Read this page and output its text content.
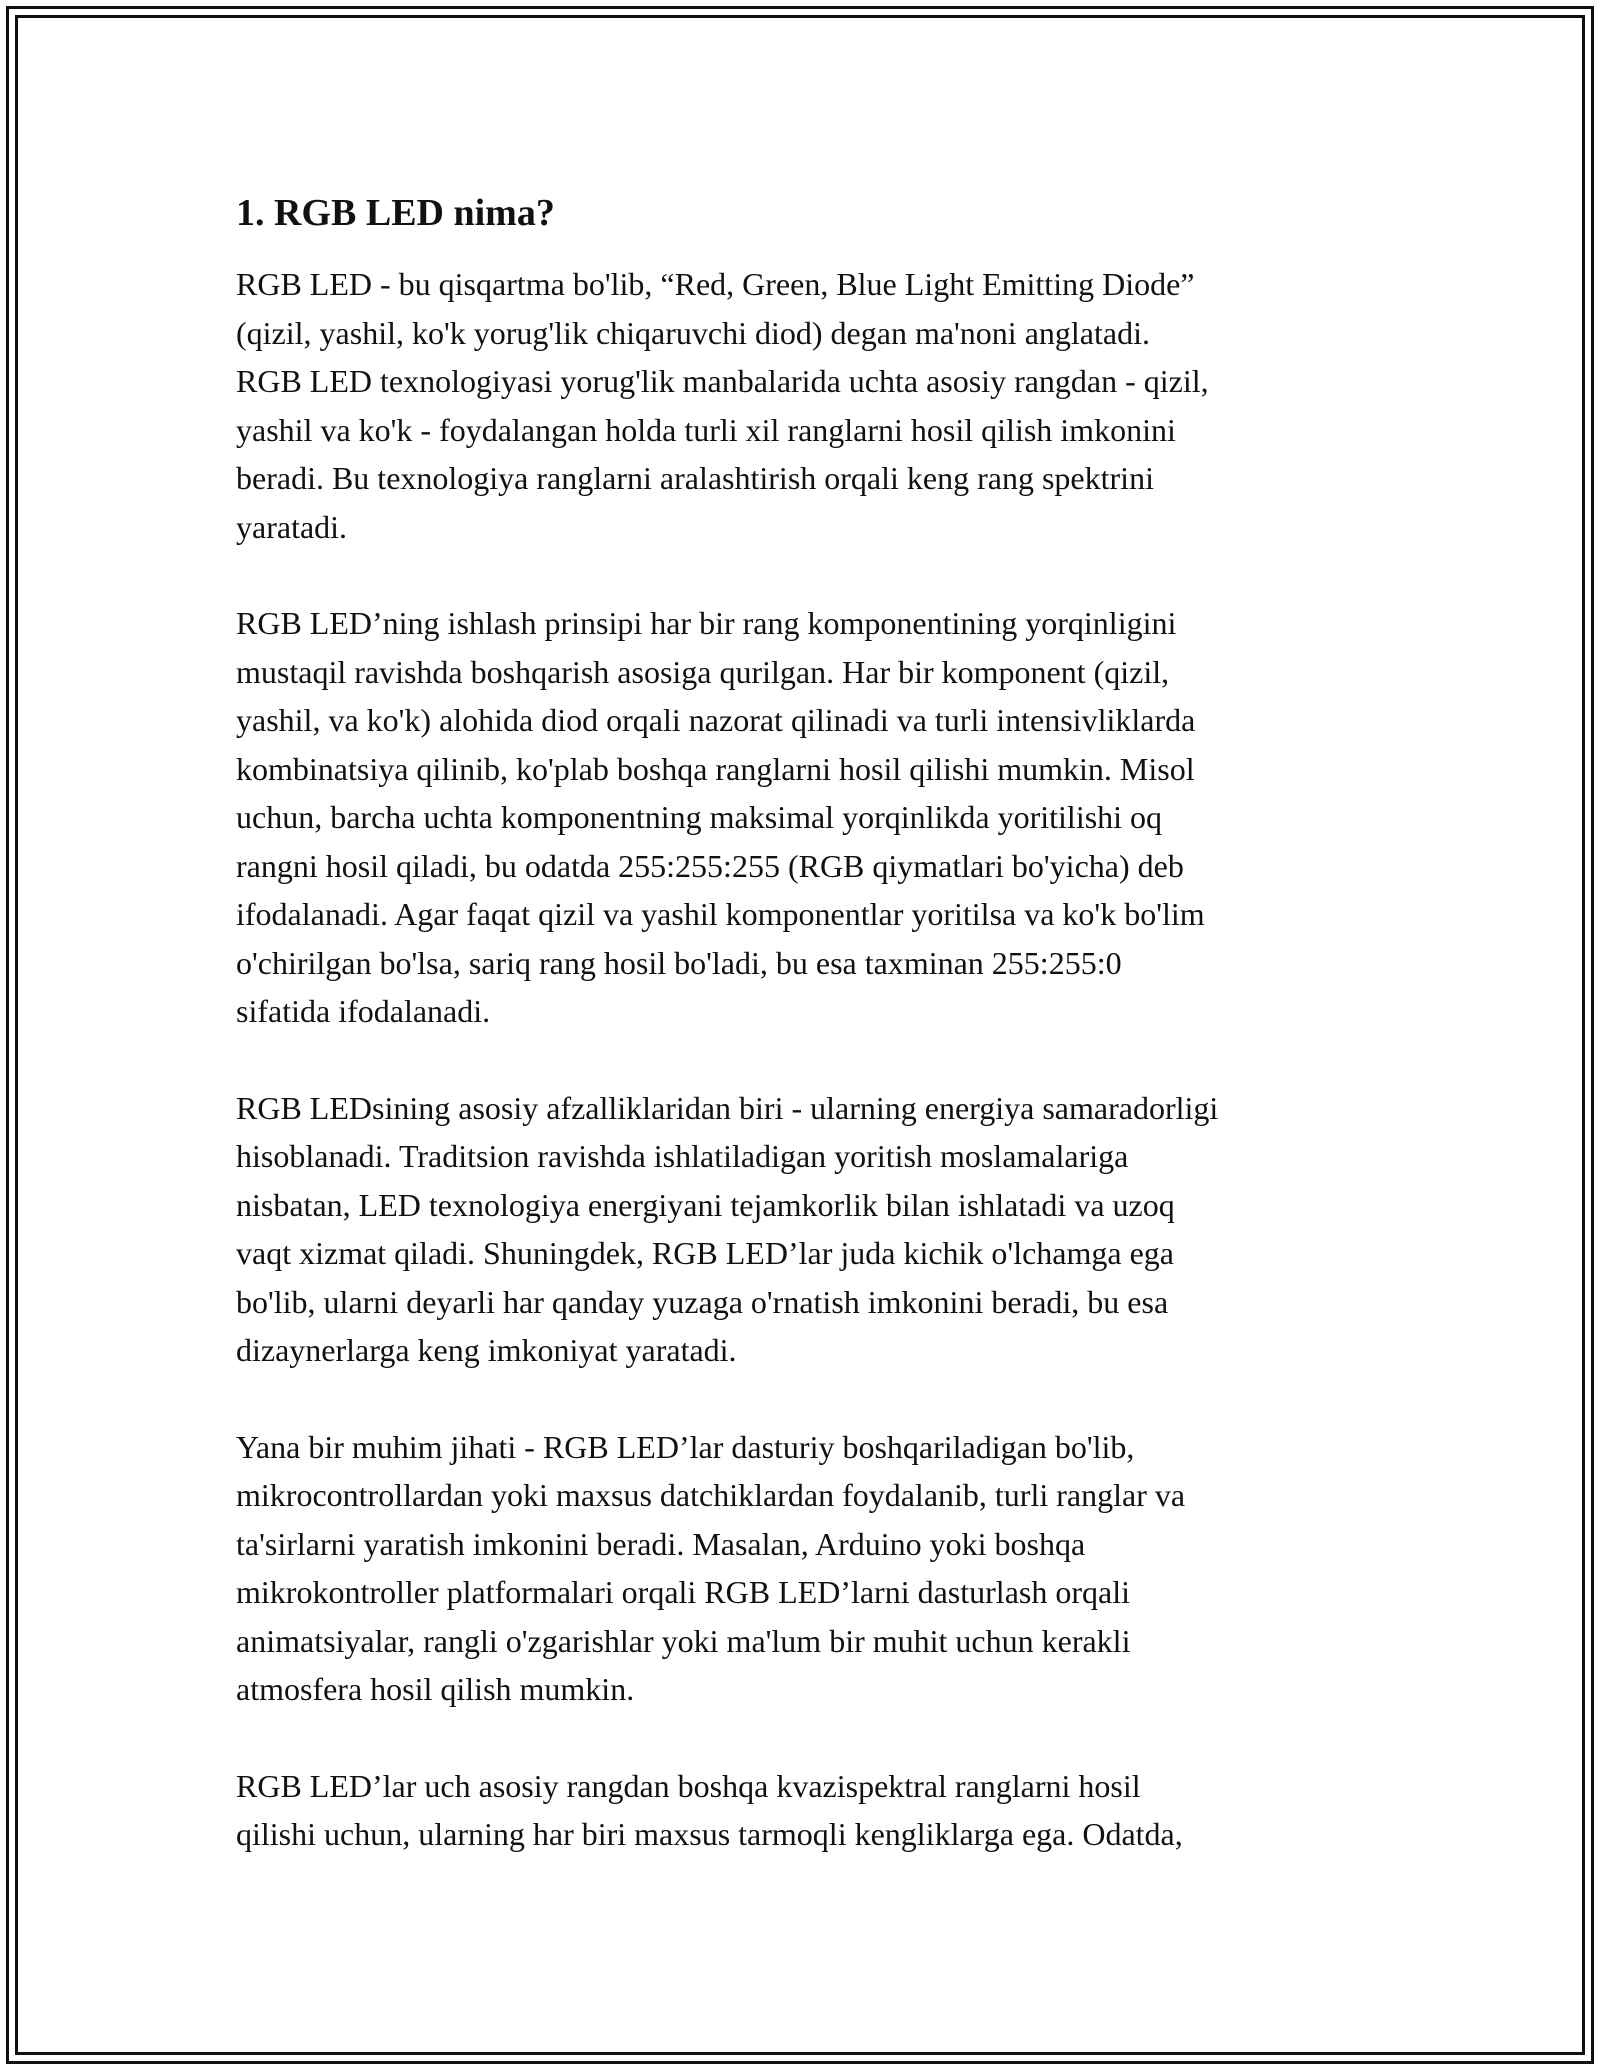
1. RGB LED nima?

RGB LED - bu qisqartma bo'lib, “Red, Green, Blue Light Emitting Diode”
(qizil, yashil, ko'k yorug'lik chiqaruvchi diod) degan ma'noni anglatadi.
RGB LED texnologiyasi yorug'lik manbalarida uchta asosiy rangdan - qizil,
yashil va ko'k - foydalangan holda turli xil ranglarni hosil qilish imkonini
beradi. Bu texnologiya ranglarni aralashtirish orqali keng rang spektrini
yaratadi.

RGB LED’ning ishlash prinsipi har bir rang komponentining yorqinligini
mustaqil ravishda boshqarish asosiga qurilgan. Har bir komponent (qizil,
yashil, va ko'k) alohida diod orqali nazorat qilinadi va turli intensivliklarda
kombinatsiya qilinib, ko'plab boshqa ranglarni hosil qilishi mumkin. Misol
uchun, barcha uchta komponentning maksimal yorqinlikda yoritilishi oq
rangni hosil qiladi, bu odatda 255:255:255 (RGB qiymatlari bo'yicha) deb
ifodalanadi. Agar faqat qizil va yashil komponentlar yoritilsa va ko'k bo'lim
o'chirilgan bo'lsa, sariq rang hosil bo'ladi, bu esa taxminan 255:255:0
sifatida ifodalanadi.

RGB LEDsining asosiy afzalliklaridan biri - ularning energiya samaradorligi
hisoblanadi. Traditsion ravishda ishlatiladigan yoritish moslamalariga
nisbatan, LED texnologiya energiyani tejamkorlik bilan ishlatadi va uzoq
vaqt xizmat qiladi. Shuningdek, RGB LED’lar juda kichik o'lchamga ega
bo'lib, ularni deyarli har qanday yuzaga o'rnatish imkonini beradi, bu esa
dizaynerlarga keng imkoniyat yaratadi.

Yana bir muhim jihati - RGB LED’lar dasturiy boshqariladigan bo'lib,
mikrocontrollardan yoki maxsus datchiklardan foydalanib, turli ranglar va
ta'sirlarni yaratish imkonini beradi. Masalan, Arduino yoki boshqa
mikrokontroller platformalari orqali RGB LED’larni dasturlash orqali
animatsiyalar, rangli o'zgarishlar yoki ma'lum bir muhit uchun kerakli
atmosfera hosil qilish mumkin.

RGB LED’lar uch asosiy rangdan boshqa kvazispektral ranglarni hosil
qilishi uchun, ularning har biri maxsus tarmoqli kengliklarga ega. Odatda,
